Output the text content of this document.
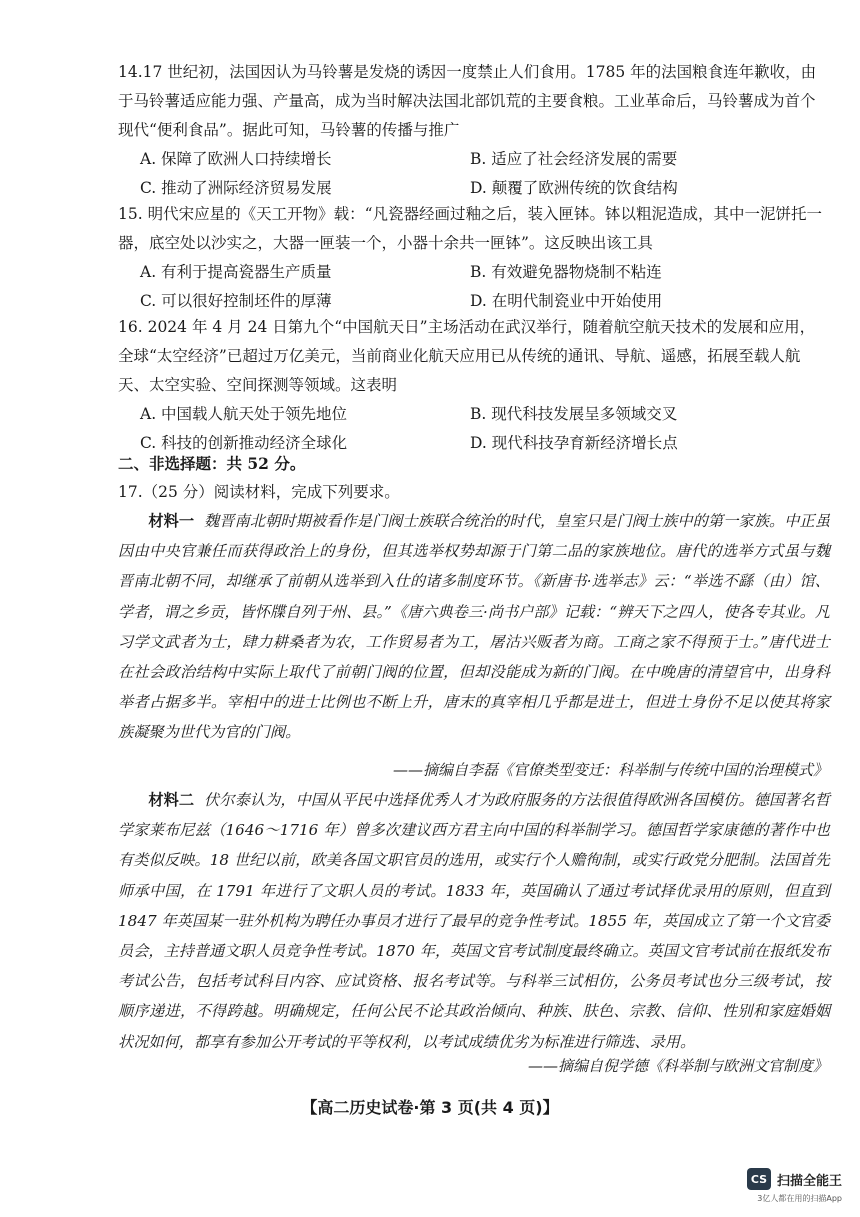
14.17 世纪初，法国因认为马铃薯是发烧的诱因一度禁止人们食用。1785 年的法国粮食连年歉收，由于马铃薯适应能力强、产量高，成为当时解决法国北部饥荒的主要食粮。工业革命后，马铃薯成为首个现代“便利食品”。据此可知，马铃薯的传播与推广
A. 保障了欧洲人口持续增长	B. 适应了社会经济发展的需要
C. 推动了洲际经济贸易发展	D. 颠覆了欧洲传统的饮食结构
15. 明代宋应星的《天工开物》载：“凡瓷器经画过釉之后，装入匣钵。钵以粗泥造成，其中一泥饼托一器，底空处以沙实之，大器一匣装一个，小器十余共一匣钵”。这反映出该工具
A. 有利于提高瓷器生产质量	B. 有效避免器物烧制不粘连
C. 可以很好控制坯件的厚薄	D. 在明代制瓷业中开始使用
16. 2024 年 4 月 24 日第九个“中国航天日”主场活动在武汉举行，随着航空航天技术的发展和应用，全球“太空经济”已超过万亿美元，当前商业化航天应用已从传统的通讯、导航、遥感，拓展至载人航天、太空实验、空间探测等领域。这表明
A. 中国载人航天处于领先地位	B. 现代科技发展呈多领域交叉
C. 科技的创新推动经济全球化	D. 现代科技孕育新经济增长点
二、非选择题：共 52 分。
17.（25 分）阅读材料，完成下列要求。
材料一 魏晋南北朝时期被看作是门阀士族联合统治的时代，皇室只是门阀士族中的第一家族。中正虽因由中央官兼任而获得政治上的身份，但其选举权势却源于门第二品的家族地位。唐代的选举方式虽与魏晋南北朝不同，却继承了前朝从选举到入仕的诸多制度环节。《新唐书·选举志》云：“举选不繇（由）馆、学者，谓之乡贡，皆怀牒自列于州、县。”《唐六典卷三·尚书户部》记载：“辨天下之四人，使各专其业。凡习学文武者为士，肆力耕桑者为农，工作贸易者为工，屠沽兴贩者为商。工商之家不得预于士。”唐代进士在社会政治结构中实际上取代了前朝门阀的位置，但却没能成为新的门阀。在中晚唐的清望官中，出身科举者占据多半。宰相中的进士比例也不断上升，唐末的真宰相几乎都是进士，但进士身份不足以使其将家族凝聚为世代为官的门阀。
——摘编自李磊《官僚类型变迁：科举制与传统中国的治理模式》
材料二 伏尔泰认为，中国从平民中选择优秀人才为政府服务的方法很值得欧洲各国模仿。德国著名哲学家莱布尼兹（1646～1716 年）曾多次建议西方君主向中国的科举制学习。德国哲学家康德的著作中也有类似反映。18 世纪以前，欧美各国文职官员的选用，或实行个人赡徇制，或实行政党分肥制。法国首先师承中国，在 1791 年进行了文职人员的考试。1833 年，英国确认了通过考试择优录用的原则，但直到 1847 年英国某一驻外机构为聘任办事员才进行了最早的竞争性考试。1855 年，英国成立了第一个文官委员会，主持普通文职人员竞争性考试。1870 年，英国文官考试制度最终确立。英国文官考试前在报纸发布考试公告，包括考试科目内容、应试资格、报名考试等。与科举三试相仿，公务员考试也分三级考试，按顺序递进，不得跨越。明确规定，任何公民不论其政治倾向、种族、肤色、宗教、信仰、性别和家庭婚姻状况如何，都享有参加公开考试的平等权利，以考试成绩优劣为标准进行筛选、录用。
——摘编自倪学德《科举制与欧洲文官制度》
【高二历史试卷·第 3 页(共 4 页)】
CS 扫描全能王
3亿人都在用的扫描App
